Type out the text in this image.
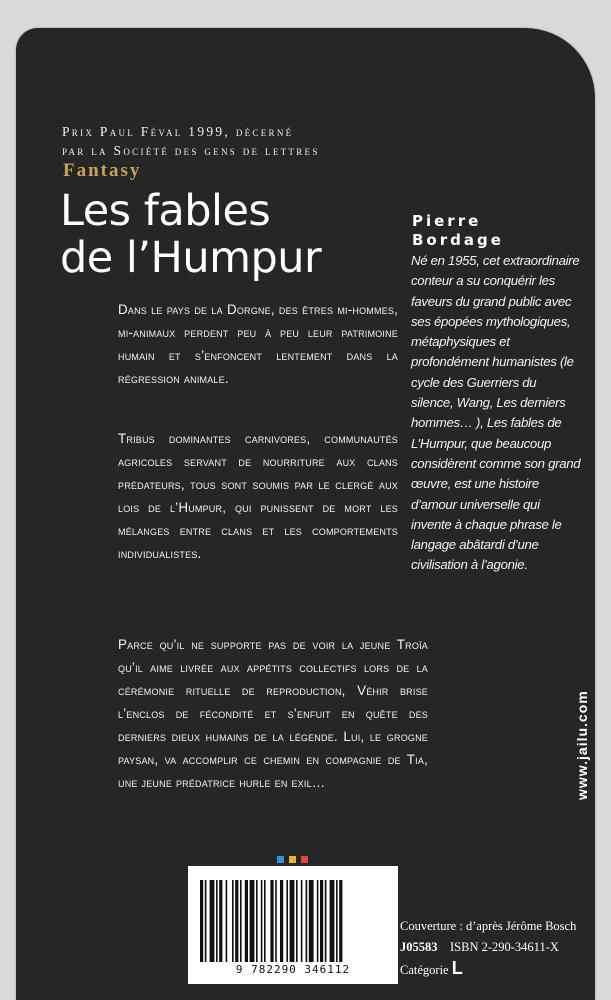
Prix Paul Féval 1999, décerné
par la Société des gens de lettres
Fantasy
Les fables
de l’Humpur
Pierre
Bordage
Né en 1955, cet extraordinaire conteur a su conquérir les faveurs du grand public avec ses épopées mythologiques, métaphysiques et profondément humanistes (le cycle des Guerriers du silence, Wang, Les derniers hommes… ), Les fables de L’Humpur, que beaucoup considèrent comme son grand œuvre, est une histoire d’amour universelle qui invente à chaque phrase le langage abâtardi d’une civilisation à l’agonie.

Dans le pays de la Dorgne, des êtres mi-hommes, mi-animaux perdent peu à peu leur patrimoine humain et s’enfoncent lentement dans la régression animale.

Tribus dominantes carnivores, communautés agricoles servant de nourriture aux clans prédateurs, tous sont soumis par le clergé aux lois de l’Humpur, qui punissent de mort les mélanges entre clans et les comportements individualistes.

Parce qu’il ne supporte pas de voir la jeune Troïa qu’il aime livrée aux appétits collectifs lors de la cérémonie rituelle de reproduction, Véhir brise l’enclos de fécondité et s’enfuit en quête des derniers dieux humains de la légende. Lui, le grogne paysan, va accomplir ce chemin en compagnie de Tia, une jeune prédatrice hurle en exil…	www.jailu.com
9 782290 346112
Couverture : d’après Jérôme Bosch
J05583 ISBN 2-290-34611-X
Catégorie L
